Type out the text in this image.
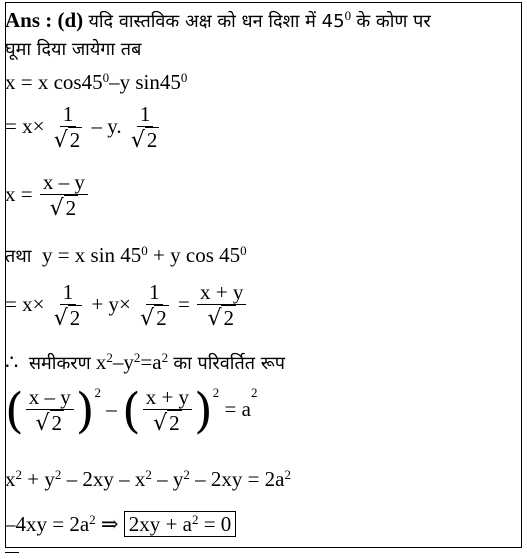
Ans : (d) यदि वास्तविक अक्ष को धन दिशा में $45^0$ के कोण पर
घूमा दिया जायेगा तब
x = x $\cos 45^0-y$ $\sin 45^0$
= $x\times \frac{1}{√2} - y$. $\frac{1}{√2}$
$x = \frac{x - y}{√2}$
तथा y = x $\sin 45^0 + y$ $\cos 45^0$
= $x\times \frac{1}{√2} + y\times \frac{1}{√2} = \frac{x + y}{√2}$
∴ समीकरण $x^2-y^2=a^2$ का परिवर्तित रूप
( $\frac{x - y}{√2} )^2$ – ( $\frac{x + y}{√2} )^2 = a^2$
$x^2 + y^2 - 2xy - x^2 - y^2 - 2xy = 2a^2$
$-4xy = 2a^2$ ⇒ $2xy + a^2 = 0$
